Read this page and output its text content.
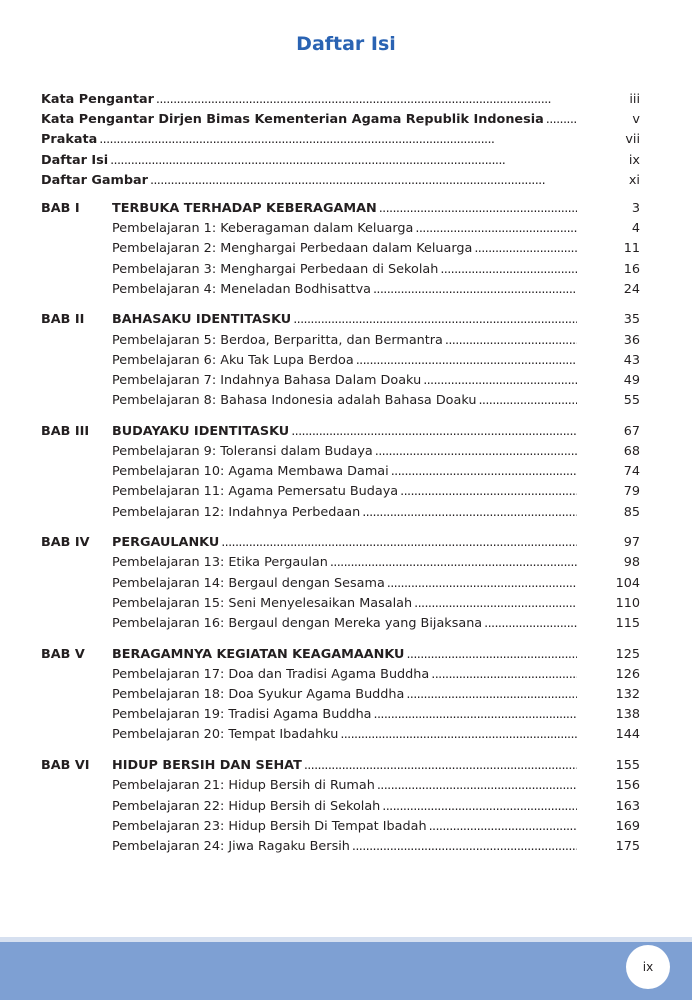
Daftar Isi
Kata Pengantar . . .	iii
Kata Pengantar Dirjen Bimas Kementerian Agama Republik Indonesia . . .	v
Prakata . . .	vii
Daftar Isi . . .	ix
Daftar Gambar . . .	xi
BAB I	TERBUKA TERHADAP KEBERAGAMAN . . .	3
Pembelajaran 1: Keberagaman dalam Keluarga . . .	4
Pembelajaran 2: Menghargai Perbedaan dalam Keluarga . . .	11
Pembelajaran 3: Menghargai Perbedaan di Sekolah . . .	16
Pembelajaran 4: Meneladan Bodhisattva . . .	24
BAB II	BAHASAKU IDENTITASKU . . .	35
Pembelajaran 5: Berdoa, Berparitta, dan Bermantra . . .	36
Pembelajaran 6: Aku Tak Lupa Berdoa . . .	43
Pembelajaran 7: Indahnya Bahasa Dalam Doaku . . .	49
Pembelajaran 8: Bahasa Indonesia adalah Bahasa Doaku . . .	55
BAB III	BUDAYAKU IDENTITASKU . . .	67
Pembelajaran 9: Toleransi dalam Budaya . . .	68
Pembelajaran 10: Agama Membawa Damai . . .	74
Pembelajaran 11: Agama Pemersatu Budaya . . .	79
Pembelajaran 12: Indahnya Perbedaan . . .	85
BAB IV	PERGAULANKU . . .	97
Pembelajaran 13: Etika Pergaulan . . .	98
Pembelajaran 14: Bergaul dengan Sesama . . .	104
Pembelajaran 15: Seni Menyelesaikan Masalah . . .	110
Pembelajaran 16: Bergaul dengan Mereka yang Bijaksana . . .	115
BAB V	BERAGAMNYA KEGIATAN KEAGAMAANKU . . .	125
Pembelajaran 17: Doa dan Tradisi Agama Buddha . . .	126
Pembelajaran 18: Doa Syukur Agama Buddha . . .	132
Pembelajaran 19: Tradisi Agama Buddha . . .	138
Pembelajaran 20: Tempat Ibadahku . . .	144
BAB VI	HIDUP BERSIH DAN SEHAT . . .	155
Pembelajaran 21: Hidup Bersih di Rumah . . .	156
Pembelajaran 22: Hidup Bersih di Sekolah . . .	163
Pembelajaran 23: Hidup Bersih Di Tempat Ibadah . . .	169
Pembelajaran 24: Jiwa Ragaku Bersih . . .	175
ix
